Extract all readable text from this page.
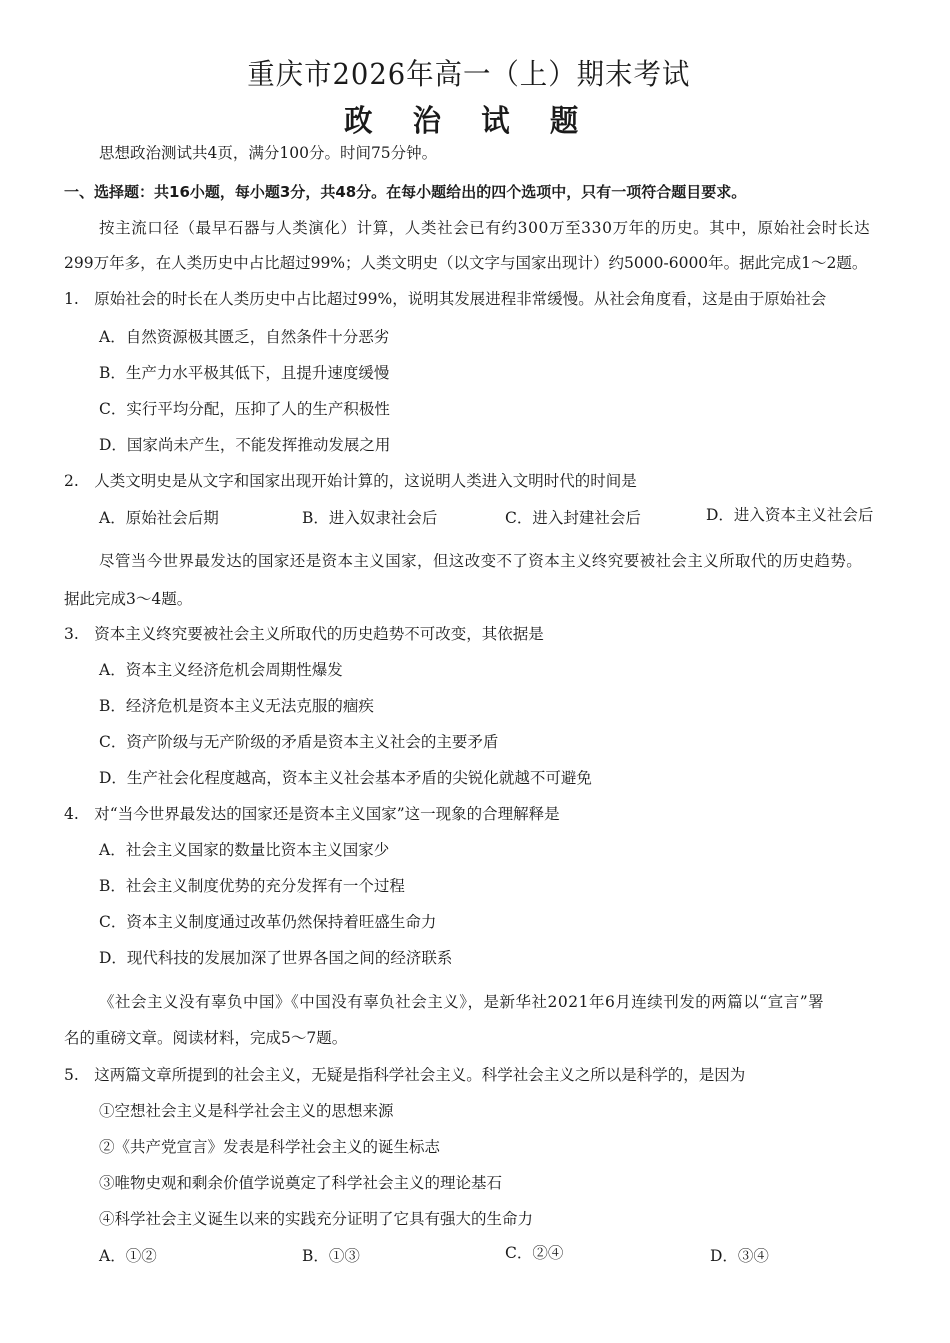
重庆市2026年高一（上）期末考试
政 治 试 题
思想政治测试共4页，满分100分。时间75分钟。
一、选择题：共16小题，每小题3分，共48分。在每小题给出的四个选项中，只有一项符合题目要求。
按主流口径（最早石器与人类演化）计算，人类社会已有约300万至330万年的历史。其中，原始社会时长达
299万年多，在人类历史中占比超过99%；人类文明史（以文字与国家出现计）约5000-6000年。据此完成1～2题。
1.　原始社会的时长在人类历史中占比超过99%，说明其发展进程非常缓慢。从社会角度看，这是由于原始社会
A．自然资源极其匮乏，自然条件十分恶劣
B．生产力水平极其低下，且提升速度缓慢
C．实行平均分配，压抑了人的生产积极性
D．国家尚未产生，不能发挥推动发展之用
2.　人类文明史是从文字和国家出现开始计算的，这说明人类进入文明时代的时间是
A．原始社会后期	B．进入奴隶社会后	C．进入封建社会后	D．进入资本主义社会后
尽管当今世界最发达的国家还是资本主义国家，但这改变不了资本主义终究要被社会主义所取代的历史趋势。
据此完成3～4题。
3.　资本主义终究要被社会主义所取代的历史趋势不可改变，其依据是
A．资本主义经济危机会周期性爆发
B．经济危机是资本主义无法克服的痼疾
C．资产阶级与无产阶级的矛盾是资本主义社会的主要矛盾
D．生产社会化程度越高，资本主义社会基本矛盾的尖锐化就越不可避免
4.　对“当今世界最发达的国家还是资本主义国家”这一现象的合理解释是
A．社会主义国家的数量比资本主义国家少
B．社会主义制度优势的充分发挥有一个过程
C．资本主义制度通过改革仍然保持着旺盛生命力
D．现代科技的发展加深了世界各国之间的经济联系
《社会主义没有辜负中国》《中国没有辜负社会主义》，是新华社2021年6月连续刊发的两篇以“宣言”署
名的重磅文章。阅读材料，完成5～7题。
5.　这两篇文章所提到的社会主义，无疑是指科学社会主义。科学社会主义之所以是科学的，是因为
①空想社会主义是科学社会主义的思想来源
②《共产党宣言》发表是科学社会主义的诞生标志
③唯物史观和剩余价值学说奠定了科学社会主义的理论基石
④科学社会主义诞生以来的实践充分证明了它具有强大的生命力
A．①②	B．①③	C．②④	D．③④
